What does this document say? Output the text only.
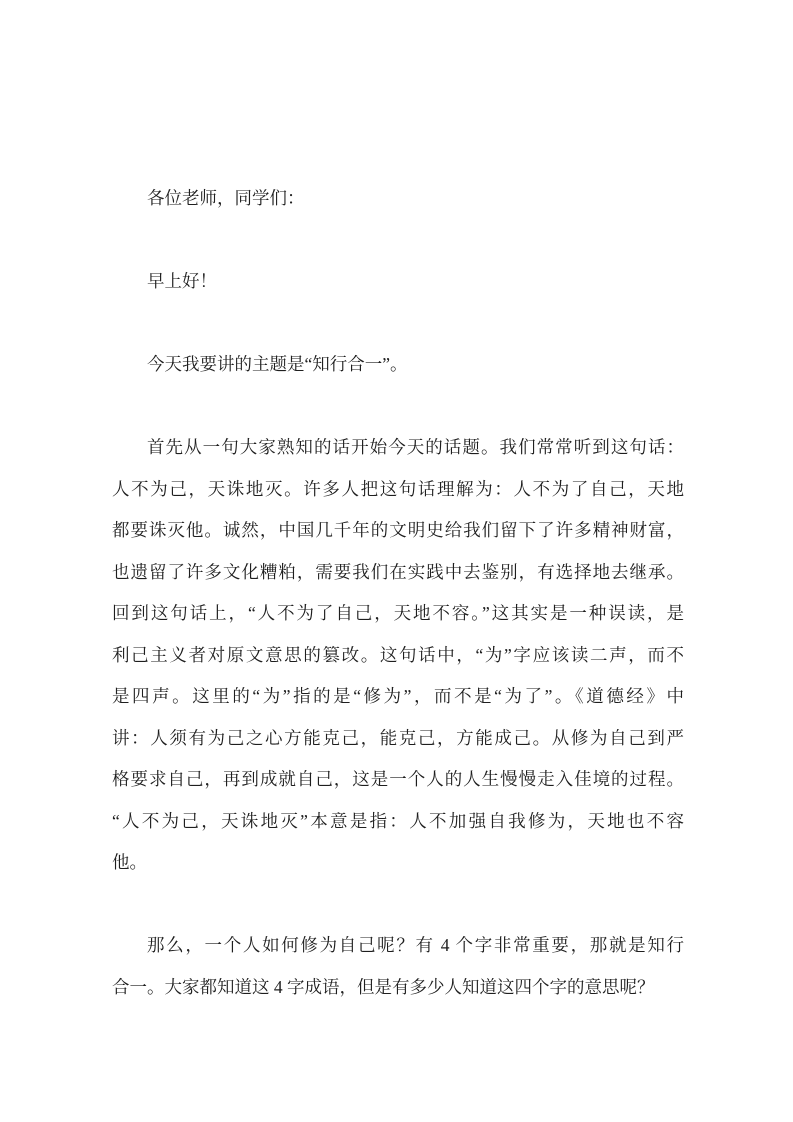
各位老师，同学们：
早上好！
今天我要讲的主题是“知行合一”。
首先从一句大家熟知的话开始今天的话题。我们常常听到这句话：
人不为己，天诛地灭。许多人把这句话理解为：人不为了自己，天地
都要诛灭他。诚然，中国几千年的文明史给我们留下了许多精神财富，
也遗留了许多文化糟粕，需要我们在实践中去鉴别，有选择地去继承。
回到这句话上，“人不为了自己，天地不容。”这其实是一种误读，是
利己主义者对原文意思的篡改。这句话中，“为”字应该读二声，而不
是四声。这里的“为”指的是“修为”，而不是“为了”。《道德经》中
讲：人须有为己之心方能克己，能克己，方能成己。从修为自己到严
格要求自己，再到成就自己，这是一个人的人生慢慢走入佳境的过程。
“人不为己，天诛地灭”本意是指：人不加强自我修为，天地也不容
他。
那么，一个人如何修为自己呢？有 4 个字非常重要，那就是知行
合一。大家都知道这 4 字成语，但是有多少人知道这四个字的意思呢？
